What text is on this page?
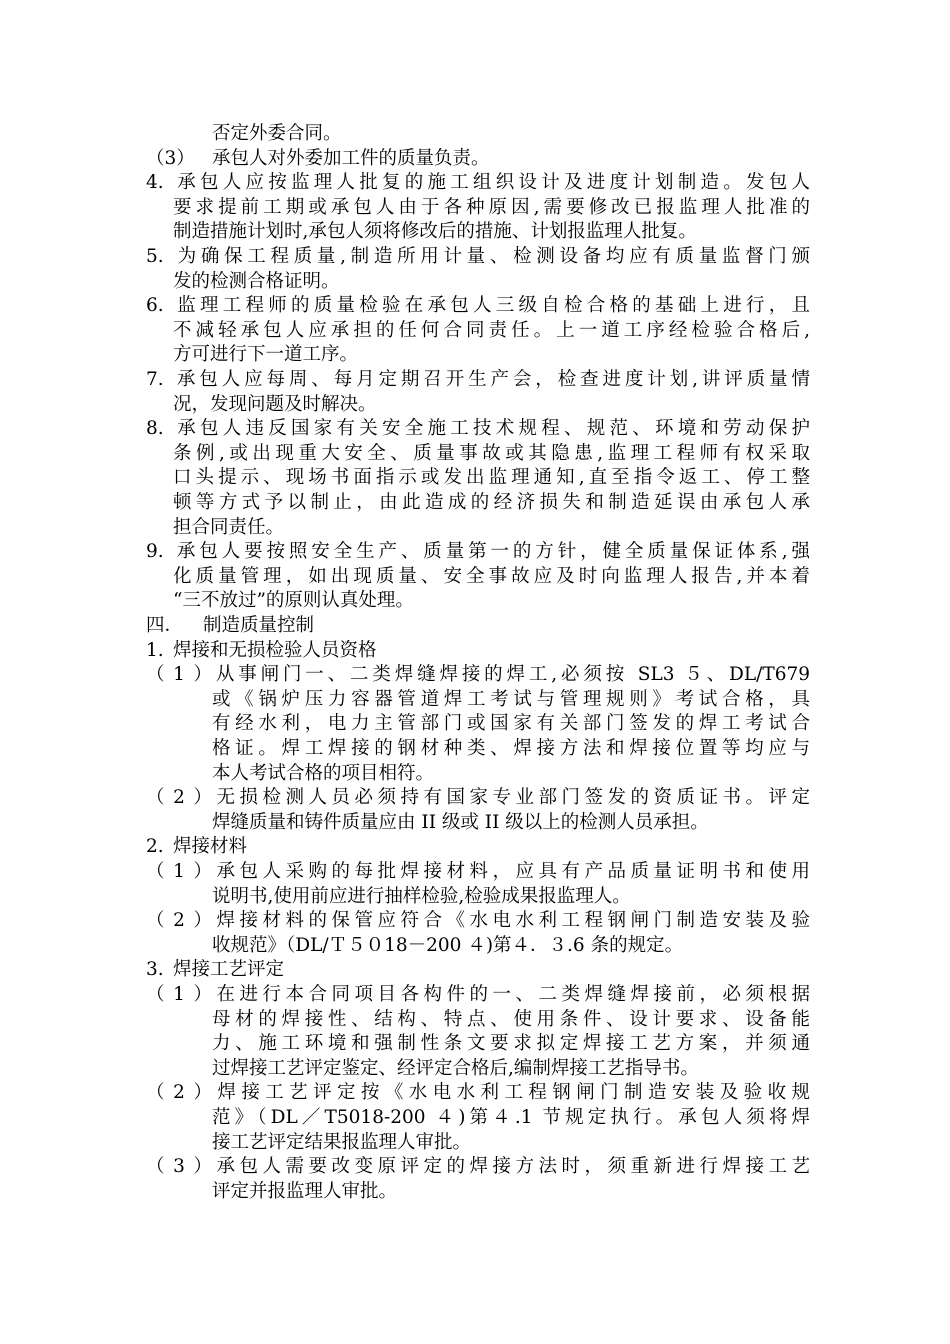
否定外委合同。
（3） 承包人对外委加工件的质量负责。
4. 承包人应按监理人批复的施工组织设计及进度计划制造。发包人
要求提前工期或承包人由于各种原因,需要修改已报监理人批准的
制造措施计划时,承包人须将修改后的措施、计划报监理人批复。
5. 为确保工程质量,制造所用计量、检测设备均应有质量监督门颁
发的检测合格证明。
6. 监理工程师的质量检验在承包人三级自检合格的基础上进行，且
不减轻承包人应承担的任何合同责任。上一道工序经检验合格后,
方可进行下一道工序。
7. 承包人应每周、每月定期召开生产会，检查进度计划,讲评质量情
况，发现问题及时解决。
8. 承包人违反国家有关安全施工技术规程、规范、环境和劳动保护
条例,或出现重大安全、质量事故或其隐患,监理工程师有权采取
口头提示、现场书面指示或发出监理通知,直至指令返工、停工整
顿等方式予以制止，由此造成的经济损失和制造延误由承包人承
担合同责任。
9. 承包人要按照安全生产、质量第一的方针，健全质量保证体系,强
化质量管理，如出现质量、安全事故应及时向监理人报告,并本着
“三不放过”的原则认真处理。
四． 制造质量控制
1. 焊接和无损检验人员资格
（1）从事闸门一、二类焊缝焊接的焊工,必须按 SL3 ５、DL/T679
或《锅炉压力容器管道焊工考试与管理规则》考试合格，具
有经水利，电力主管部门或国家有关部门签发的焊工考试合
格证。焊工焊接的钢材种类、焊接方法和焊接位置等均应与
本人考试合格的项目相符。
（2）无损检测人员必须持有国家专业部门签发的资质证书。评定
焊缝质量和铸件质量应由 II 级或 II 级以上的检测人员承担。
2. 焊接材料
（1）承包人采购的每批焊接材料，应具有产品质量证明书和使用
说明书,使用前应进行抽样检验,检验成果报监理人。
（2）焊接材料的保管应符合《水电水利工程钢闸门制造安装及验
收规范》（DL/Ｔ５０18－200 ４)第４．３.6 条的规定。
3. 焊接工艺评定
（1）在进行本合同项目各构件的一、二类焊缝焊接前，必须根据
母材的焊接性、结构、特点、使用条件、设计要求、设备能
力、施工环境和强制性条文要求拟定焊接工艺方案，并须通
过焊接工艺评定鉴定、经评定合格后,编制焊接工艺指导书。
（2）焊接工艺评定按《水电水利工程钢闸门制造安装及验收规
范》（DL／T5018-200 ４)第４.1 节规定执行。承包人须将焊
接工艺评定结果报监理人审批。
（3）承包人需要改变原评定的焊接方法时，须重新进行焊接工艺
评定并报监理人审批。
